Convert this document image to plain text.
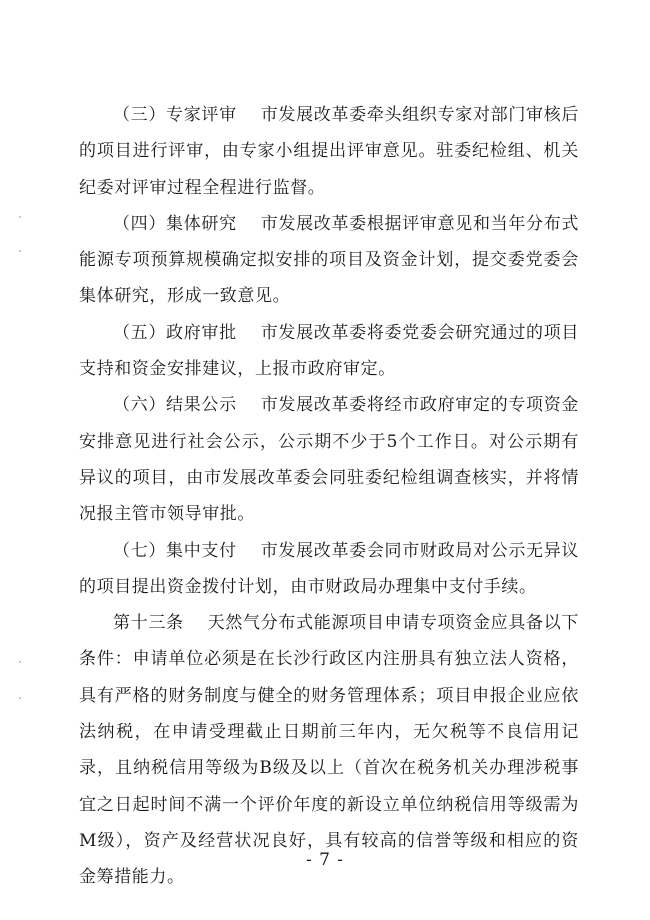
（三）专家评审 市发展改革委牵头组织专家对部门审核后的项目进行评审，由专家小组提出评审意见。驻委纪检组、机关纪委对评审过程全程进行监督。

（四）集体研究 市发展改革委根据评审意见和当年分布式能源专项预算规模确定拟安排的项目及资金计划，提交委党委会集体研究，形成一致意见。

（五）政府审批 市发展改革委将委党委会研究通过的项目支持和资金安排建议，上报市政府审定。

（六）结果公示 市发展改革委将经市政府审定的专项资金安排意见进行社会公示，公示期不少于5个工作日。对公示期有异议的项目，由市发展改革委会同驻委纪检组调查核实，并将情况报主管市领导审批。

（七）集中支付 市发展改革委会同市财政局对公示无异议的项目提出资金拨付计划，由市财政局办理集中支付手续。

第十三条 天然气分布式能源项目申请专项资金应具备以下条件：申请单位必须是在长沙行政区内注册具有独立法人资格，具有严格的财务制度与健全的财务管理体系；项目申报企业应依法纳税，在申请受理截止日期前三年内，无欠税等不良信用记录，且纳税信用等级为B级及以上（首次在税务机关办理涉税事宜之日起时间不满一个评价年度的新设立单位纳税信用等级需为M级），资产及经营状况良好，具有较高的信誉等级和相应的资金筹措能力。

- 7 -
